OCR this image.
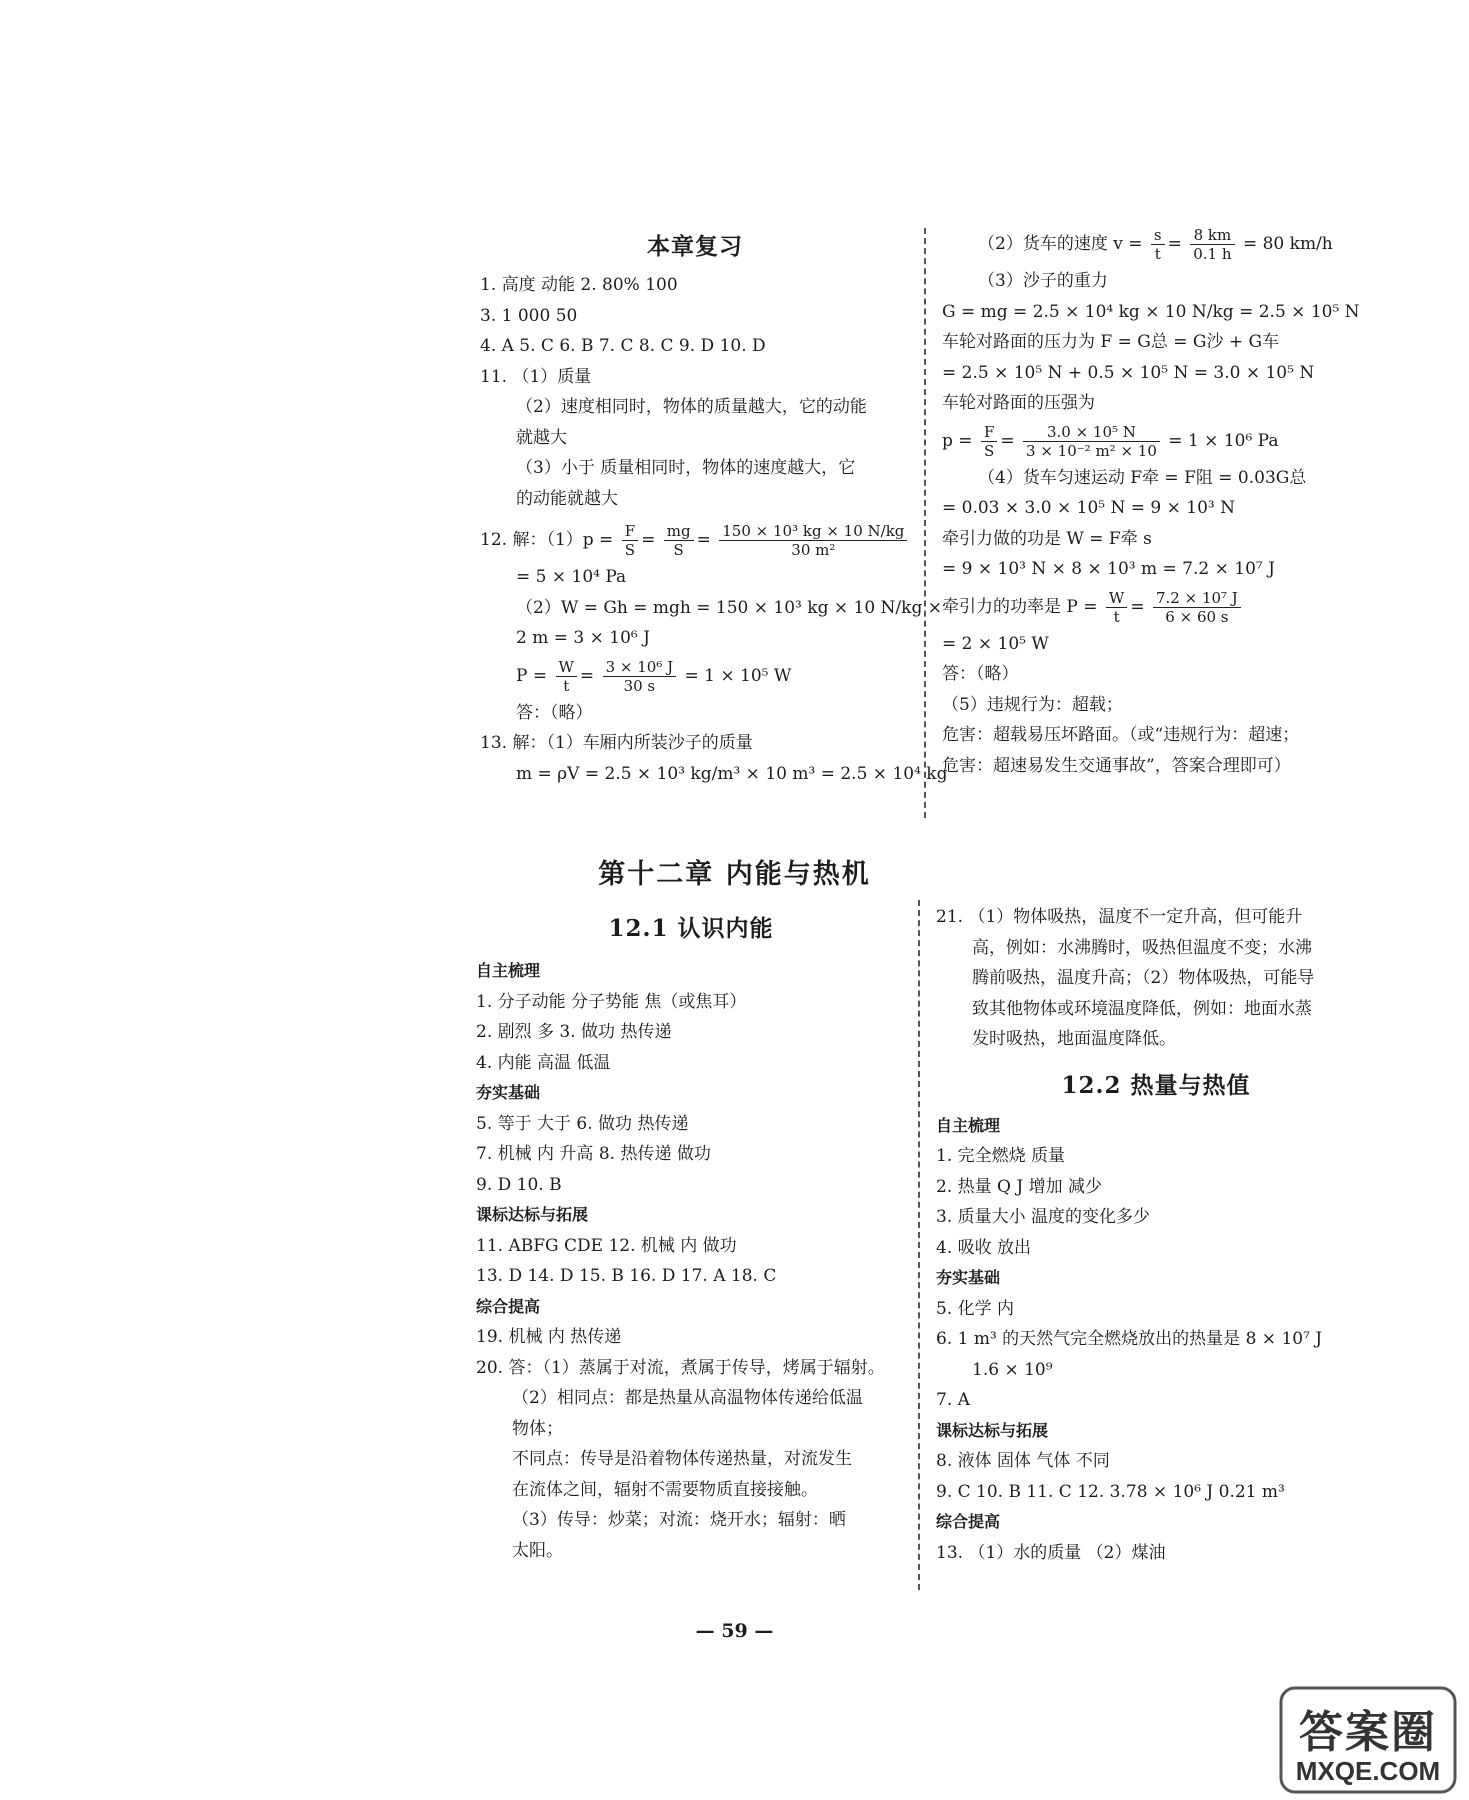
本章复习
1. 高度 动能 2. 80% 100
3. 1 000 50
4. A 5. C 6. B 7. C 8. C 9. D 10. D
11. （1）质量
（2）速度相同时，物体的质量越大，它的动能
就越大
（3）小于 质量相同时，物体的速度越大，它
的动能就越大
12. 解：$(1)p = \frac{F}{S} = \frac{mg}{S} = \frac{\text{150 × 10³ kg × 10 N/kg}}{\text{30 m²}}$
= 5 × 10⁴ Pa
（2）W = Gh = mgh = 150 × 10³ kg × 10 N/kg ×
2 m = 3 × 10⁶ J
$P = \frac{W}{t} = \frac{\text{3 × 10⁶ J}}{30 s} = 1 \times 10^5$ W
答：（略）
13. 解：（1）车厢内所装沙子的质量
m = ρV = 2.5 × 10³ kg/m³ × 10 m³ = 2.5 × 10⁴ kg
（2）货车的速度 $v = \frac{s}{t} = \frac{8 km}{0.1 h} = 80$ km/h
（3）沙子的重力
G = mg = 2.5 × 10⁴ kg × 10 N/kg = 2.5 × 10⁵ N
车轮对路面的压力为 F = G总 = G沙 + G车
= 2.5 × 10⁵ N + 0.5 × 10⁵ N = 3.0 × 10⁵ N
车轮对路面的压强为
$p = \frac{F}{S} = \frac{\text{3.0 × 10⁵ N}}{\text{3 × 10⁻² m² × 10}} = 1 \times 10^6$ Pa
（4）货车匀速运动 F牵 = F阻 = 0.03G总
= 0.03 × 3.0 × 10⁵ N = 9 × 10³ N
牵引力做的功是 W = F牵 s
= 9 × 10³ N × 8 × 10³ m = 7.2 × 10⁷ J
牵引力的功率是 $P = \frac{W}{t} = \frac{\text{7.2 × 10⁷ J}}{6 \times 60 s}$
= 2 × 10⁵ W
答：（略）
（5）违规行为：超载；
危害：超载易压坏路面。（或“违规行为：超速；
危害：超速易发生交通事故”，答案合理即可）
第十二章 内能与热机
12.1 认识内能
自主梳理
1. 分子动能 分子势能 焦（或焦耳）
2. 剧烈 多 3. 做功 热传递
4. 内能 高温 低温
夯实基础
5. 等于 大于 6. 做功 热传递
7. 机械 内 升高 8. 热传递 做功
9. D 10. B
课标达标与拓展
11. ABFG CDE 12. 机械 内 做功
13. D 14. D 15. B 16. D 17. A 18. C
综合提高
19. 机械 内 热传递
20. 答：（1）蒸属于对流，煮属于传导，烤属于辐射。
（2）相同点：都是热量从高温物体传递给低温
物体；
不同点：传导是沿着物体传递热量，对流发生
在流体之间，辐射不需要物质直接接触。
（3）传导：炒菜；对流：烧开水；辐射：晒
太阳。
21. （1）物体吸热，温度不一定升高，但可能升
高，例如：水沸腾时，吸热但温度不变；水沸
腾前吸热，温度升高；（2）物体吸热，可能导
致其他物体或环境温度降低，例如：地面水蒸
发时吸热，地面温度降低。
12.2 热量与热值
自主梳理
1. 完全燃烧 质量
2. 热量 Q J 增加 减少
3. 质量大小 温度的变化多少
4. 吸收 放出
夯实基础
5. 化学 内
6. 1 m³ 的天然气完全燃烧放出的热量是 8 × 10⁷ J
1.6 × 10⁹
7. A
课标达标与拓展
8. 液体 固体 气体 不同
9. C 10. B 11. C 12. 3.78 × 10⁶ J 0.21 m³
综合提高
13. （1）水的质量 （2）煤油
— 59 —
答案圈
MXQE.COM
